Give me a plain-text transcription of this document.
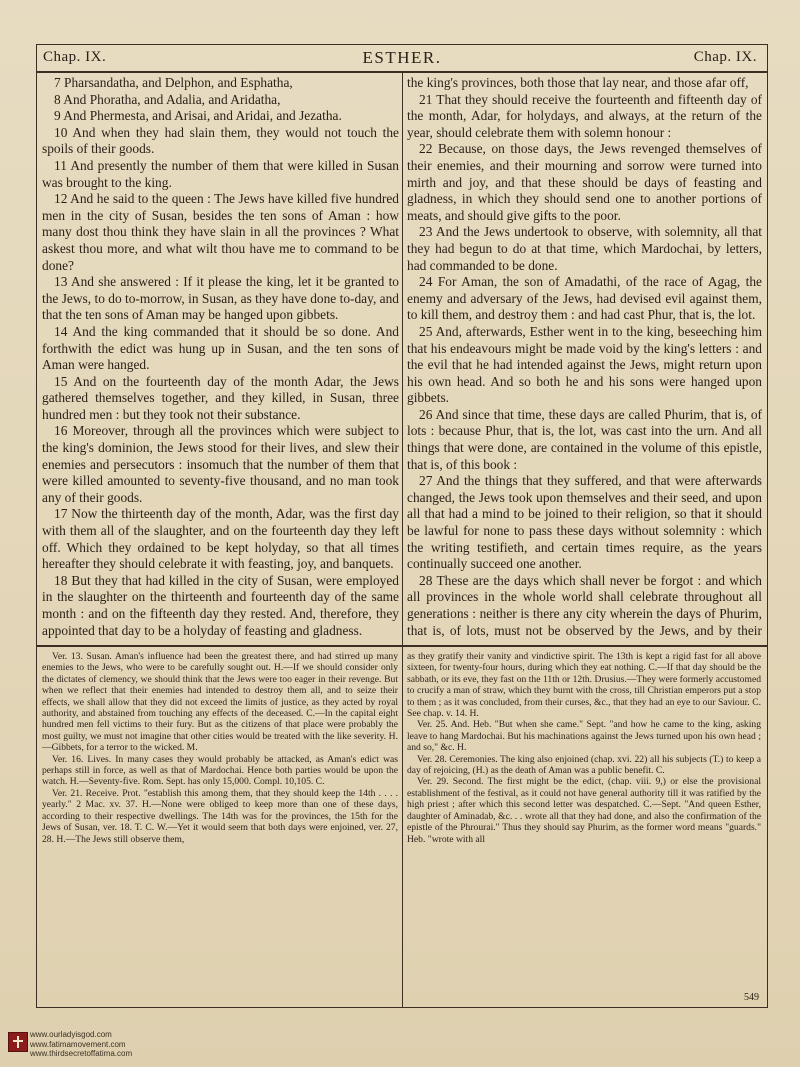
Chap. IX.	ESTHER.	Chap. IX.

7 Pharsandatha, and Delphon, and Esphatha,

8 And Phoratha, and Adalia, and Aridatha,

9 And Phermesta, and Arisai, and Aridai, and Jezatha.

10 And when they had slain them, they would not touch the spoils of their goods.

11 And presently the number of them that were killed in Susan was brought to the king.

12 And he said to the queen : The Jews have killed five hundred men in the city of Susan, besides the ten sons of Aman : how many dost thou think they have slain in all the provinces ? What askest thou more, and what wilt thou have me to command to be done?

13 And she answered : If it please the king, let it be granted to the Jews, to do to-morrow, in Susan, as they have done to-day, and that the ten sons of Aman may be hanged upon gibbets.

14 And the king commanded that it should be so done. And forthwith the edict was hung up in Susan, and the ten sons of Aman were hanged.

15 And on the fourteenth day of the month Adar, the Jews gathered themselves together, and they killed, in Susan, three hundred men : but they took not their substance.

16 Moreover, through all the provinces which were subject to the king's dominion, the Jews stood for their lives, and slew their enemies and persecutors : insomuch that the number of them that were killed amounted to seventy-five thousand, and no man took any of their goods.

17 Now the thirteenth day of the month, Adar, was the first day with them all of the slaughter, and on the fourteenth day they left off. Which they ordained to be kept holyday, so that all times hereafter they should celebrate it with feasting, joy, and banquets.

18 But they that had killed in the city of Susan, were employed in the slaughter on the thirteenth and fourteenth day of the same month : and on the fifteenth day they rested. And, therefore, they appointed that day to be a holyday of feasting and gladness.

the king's provinces, both those that lay near, and those afar off,

21 That they should receive the fourteenth and fifteenth day of the month, Adar, for holydays, and always, at the return of the year, should celebrate them with solemn honour :

22 Because, on those days, the Jews revenged themselves of their enemies, and their mourning and sorrow were turned into mirth and joy, and that these should be days of feasting and gladness, in which they should send one to another portions of meats, and should give gifts to the poor.

23 And the Jews undertook to observe, with solemnity, all that they had begun to do at that time, which Mardochai, by letters, had commanded to be done.

24 For Aman, the son of Amadathi, of the race of Agag, the enemy and adversary of the Jews, had devised evil against them, to kill them, and destroy them : and had cast Phur, that is, the lot.

25 And, afterwards, Esther went in to the king, beseeching him that his endeavours might be made void by the king's letters : and the evil that he had intended against the Jews, might return upon his own head. And so both he and his sons were hanged upon gibbets.

26 And since that time, these days are called Phurim, that is, of lots : because Phur, that is, the lot, was cast into the urn. And all things that were done, are contained in the volume of this epistle, that is, of this book :

27 And the things that they suffered, and that were afterwards changed, the Jews took upon themselves and their seed, and upon all that had a mind to be joined to their religion, so that it should be lawful for none to pass these days without solemnity : which the writing testifieth, and certain times require, as the years continually succeed one another.

28 These are the days which shall never be forgot : and which all provinces in the whole world shall celebrate throughout all generations : neither is there any city wherein the days of Phurim, that is, of lots, must not be observed by the Jews, and by their

Ver. 13. Susan. Aman's influence had been the greatest there, and had stirred up many enemies to the Jews, who were to be carefully sought out. H.—If we should consider only the dictates of clemency, we should think that the Jews were too eager in their revenge. But when we reflect that their enemies had intended to destroy them all, and to seize their effects, we shall allow that they did not exceed the limits of justice, as they acted by royal authority, and abstained from touching any effects of the deceased. C.—In the capital eight hundred men fell victims to their fury. But as the citizens of that place were probably the most guilty, we must not imagine that other cities would be treated with the like severity. H.—Gibbets, for a terror to the wicked. M.

Ver. 16. Lives. In many cases they would probably be attacked, as Aman's edict was perhaps still in force, as well as that of Mardochai. Hence both parties would be upon the watch. H.—Seventy-five. Rom. Sept. has only 15,000. Compl. 10,105. C.

Ver. 21. Receive. Prot. "establish this among them, that they should keep the 14th . . . . yearly." 2 Mac. xv. 37. H.—None were obliged to keep more than one of these days, according to their respective dwellings. The 14th was for the provinces, the 15th for the Jews of Susan, ver. 18. T. C. W.—Yet it would seem that both days were enjoined, ver. 27, 28. H.—The Jews still observe them,

as they gratify their vanity and vindictive spirit. The 13th is kept a rigid fast for all above sixteen, for twenty-four hours, during which they eat nothing. C.—If that day should be the sabbath, or its eve, they fast on the 11th or 12th. Drusius.—They were formerly accustomed to crucify a man of straw, which they burnt with the cross, till Christian emperors put a stop to them ; as it was concluded, from their curses, &c., that they had an eye to our Saviour. C. See chap. v. 14. H.

Ver. 25. And. Heb. "But when she came." Sept. "and how he came to the king, asking leave to hang Mardochai. But his machinations against the Jews turned upon his own head ; and so," &c. H.

Ver. 28. Ceremonies. The king also enjoined (chap. xvi. 22) all his subjects (T.) to keep a day of rejoicing, (H.) as the death of Aman was a public benefit. C.

Ver. 29. Second. The first might be the edict, (chap. viii. 9,) or else the provisional establishment of the festival, as it could not have general authority till it was ratified by the high priest ; after which this second letter was despatched. C.—Sept. "And queen Esther, daughter of Aminadab, &c. . . wrote all that they had done, and also the confirmation of the epistle of the Phrourai." Thus they should say Phurim, as the former word means "guards." Heb. "wrote with all

549
www.ourladyisgod.com
www.fatimamovement.com
www.thirdsecretoffatima.com
